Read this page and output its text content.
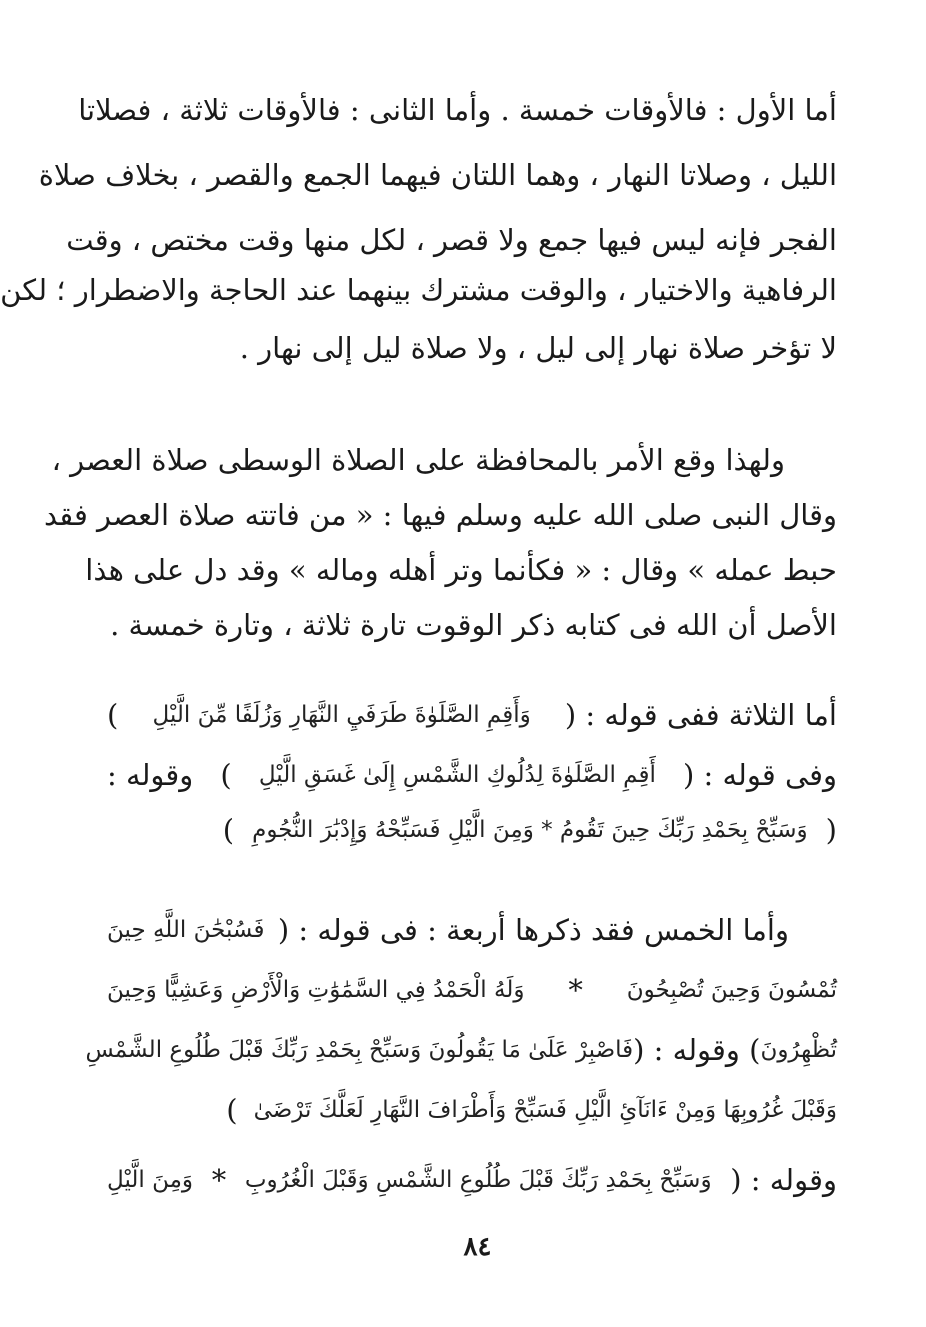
أما الأول : فالأوقات خمسة . وأما الثانى : فالأوقات ثلاثة ، فصلاتا
الليل ، وصلاتا النهار ، وهما اللتان فيهما الجمع والقصر ، بخلاف صلاة
الفجر فإنه ليس فيها جمع ولا قصر ، لكل منها وقت مختص ، وقت
الرفاهية والاختيار ، والوقت مشترك بينهما عند الحاجة والاضطرار ؛ لكن
لا تؤخر صلاة نهار إلى ليل ، ولا صلاة ليل إلى نهار .
ولهذا وقع الأمر بالمحافظة على الصلاة الوسطى صلاة العصر ،
وقال النبى صلى الله عليه وسلم فيها : « من فاتته صلاة العصر فقد
حبط عمله » وقال : « فكأنما وتر أهله وماله » وقد دل على هذا
الأصل أن الله فى كتابه ذكر الوقوت تارة ثلاثة ، وتارة خمسة .
أما الثلاثة ففى قوله : (
وَأَقِمِ الصَّلَوٰةَ طَرَفَيِ النَّهَارِ وَزُلَفًا مِّنَ الَّيْلِ
)
وفى قوله : (
أَقِمِ الصَّلَوٰةَ لِدُلُوكِ الشَّمْسِ إِلَىٰ غَسَقِ الَّيْلِ
)
وقوله :
(
وَسَبِّحْ بِحَمْدِ رَبِّكَ حِينَ تَقُومُ * وَمِنَ الَّيْلِ فَسَبِّحْهُ وَإِدْبَٰرَ النُّجُومِ
)
وأما الخمس فقد ذكرها أربعة : فى قوله : (
فَسُبْحَٰنَ اللَّهِ حِينَ
تُمْسُونَ وَحِينَ تُصْبِحُونَ
*
وَلَهُ الْحَمْدُ فِي السَّمَٰوَٰتِ وَالْأَرْضِ وَعَشِيًّا وَحِينَ
تُظْهِرُونَ
) وقوله : (
فَاصْبِرْ عَلَىٰ مَا يَقُولُونَ وَسَبِّحْ بِحَمْدِ رَبِّكَ قَبْلَ طُلُوعِ الشَّمْسِ
وَقَبْلَ غُرُوبِهَا وَمِنْ ءَانَآئِ الَّيْلِ فَسَبِّحْ وَأَطْرَافَ النَّهَارِ لَعَلَّكَ تَرْضَىٰ
)
وقوله : (
وَسَبِّحْ بِحَمْدِ رَبِّكَ قَبْلَ طُلُوعِ الشَّمْسِ وَقَبْلَ الْغُرُوبِ
*
وَمِنَ الَّيْلِ
٨٤
